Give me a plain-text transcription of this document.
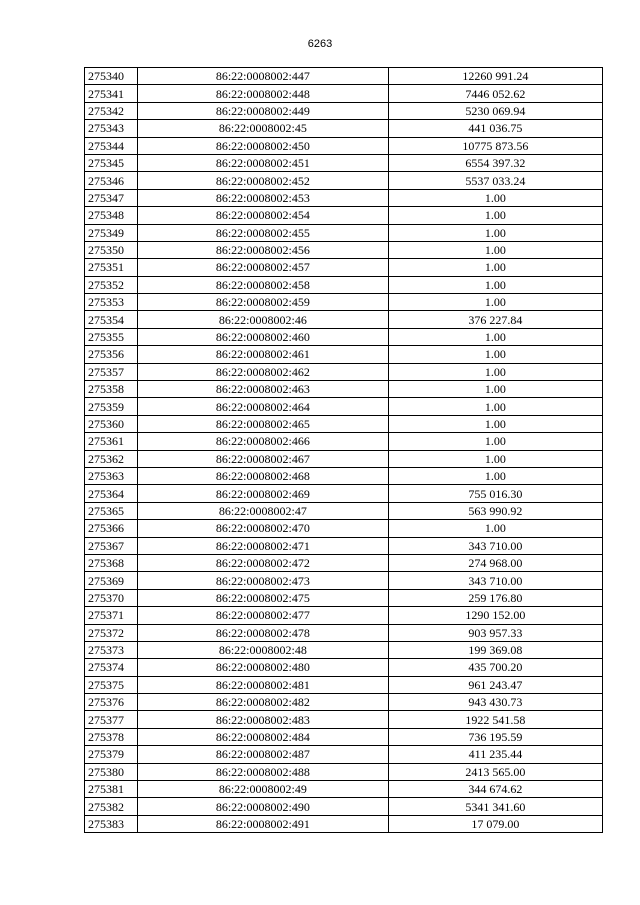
6263
275340	86:22:0008002:447	12260 991.24
275341	86:22:0008002:448	7446 052.62
275342	86:22:0008002:449	5230 069.94
275343	86:22:0008002:45	441 036.75
275344	86:22:0008002:450	10775 873.56
275345	86:22:0008002:451	6554 397.32
275346	86:22:0008002:452	5537 033.24
275347	86:22:0008002:453	1.00
275348	86:22:0008002:454	1.00
275349	86:22:0008002:455	1.00
275350	86:22:0008002:456	1.00
275351	86:22:0008002:457	1.00
275352	86:22:0008002:458	1.00
275353	86:22:0008002:459	1.00
275354	86:22:0008002:46	376 227.84
275355	86:22:0008002:460	1.00
275356	86:22:0008002:461	1.00
275357	86:22:0008002:462	1.00
275358	86:22:0008002:463	1.00
275359	86:22:0008002:464	1.00
275360	86:22:0008002:465	1.00
275361	86:22:0008002:466	1.00
275362	86:22:0008002:467	1.00
275363	86:22:0008002:468	1.00
275364	86:22:0008002:469	755 016.30
275365	86:22:0008002:47	563 990.92
275366	86:22:0008002:470	1.00
275367	86:22:0008002:471	343 710.00
275368	86:22:0008002:472	274 968.00
275369	86:22:0008002:473	343 710.00
275370	86:22:0008002:475	259 176.80
275371	86:22:0008002:477	1290 152.00
275372	86:22:0008002:478	903 957.33
275373	86:22:0008002:48	199 369.08
275374	86:22:0008002:480	435 700.20
275375	86:22:0008002:481	961 243.47
275376	86:22:0008002:482	943 430.73
275377	86:22:0008002:483	1922 541.58
275378	86:22:0008002:484	736 195.59
275379	86:22:0008002:487	411 235.44
275380	86:22:0008002:488	2413 565.00
275381	86:22:0008002:49	344 674.62
275382	86:22:0008002:490	5341 341.60
275383	86:22:0008002:491	17 079.00
